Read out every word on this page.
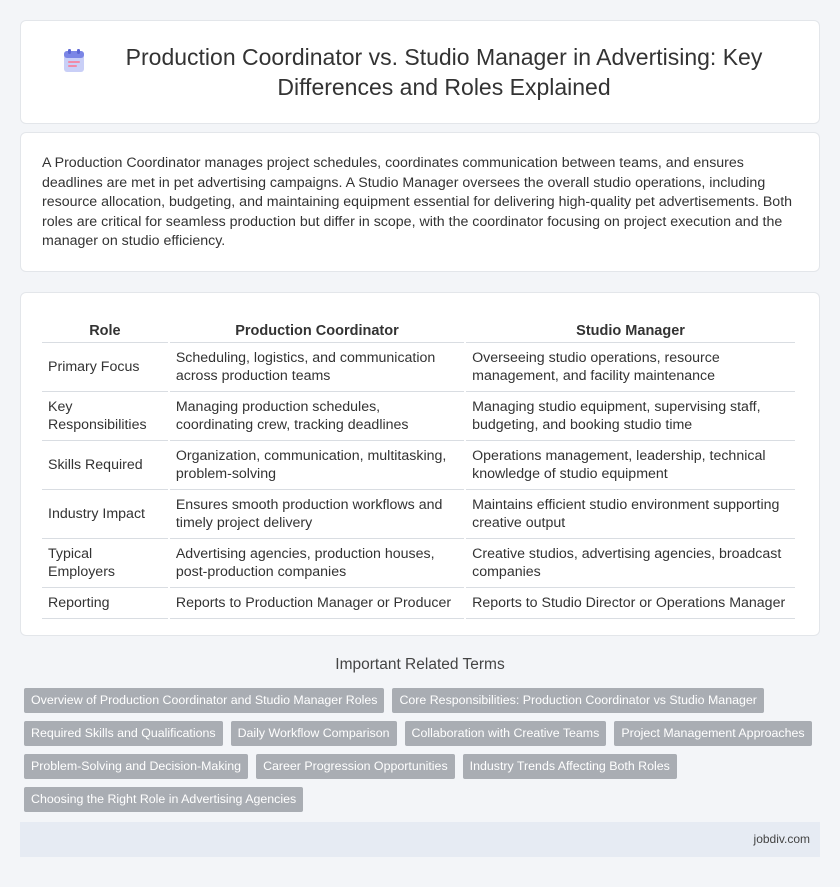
Production Coordinator vs. Studio Manager in Advertising: Key Differences and Roles Explained

A Production Coordinator manages project schedules, coordinates communication between teams, and ensures deadlines are met in pet advertising campaigns. A Studio Manager oversees the overall studio operations, including resource allocation, budgeting, and maintaining equipment essential for delivering high-quality pet advertisements. Both roles are critical for seamless production but differ in scope, with the coordinator focusing on project execution and the manager on studio efficiency.

Role	Production Coordinator	Studio Manager
Primary Focus	Scheduling, logistics, and communication across production teams	Overseeing studio operations, resource management, and facility maintenance
Key Responsibilities	Managing production schedules, coordinating crew, tracking deadlines	Managing studio equipment, supervising staff, budgeting, and booking studio time
Skills Required	Organization, communication, multitasking, problem-solving	Operations management, leadership, technical knowledge of studio equipment
Industry Impact	Ensures smooth production workflows and timely project delivery	Maintains efficient studio environment supporting creative output
Typical Employers	Advertising agencies, production houses, post-production companies	Creative studios, advertising agencies, broadcast companies
Reporting	Reports to Production Manager or Producer	Reports to Studio Director or Operations Manager
Important Related Terms
Overview of Production Coordinator and Studio Manager Roles	Core Responsibilities: Production Coordinator vs Studio Manager
Required Skills and Qualifications	Daily Workflow Comparison	Collaboration with Creative Teams	Project Management Approaches
Problem-Solving and Decision-Making	Career Progression Opportunities	Industry Trends Affecting Both Roles
Choosing the Right Role in Advertising Agencies
jobdiv.com
